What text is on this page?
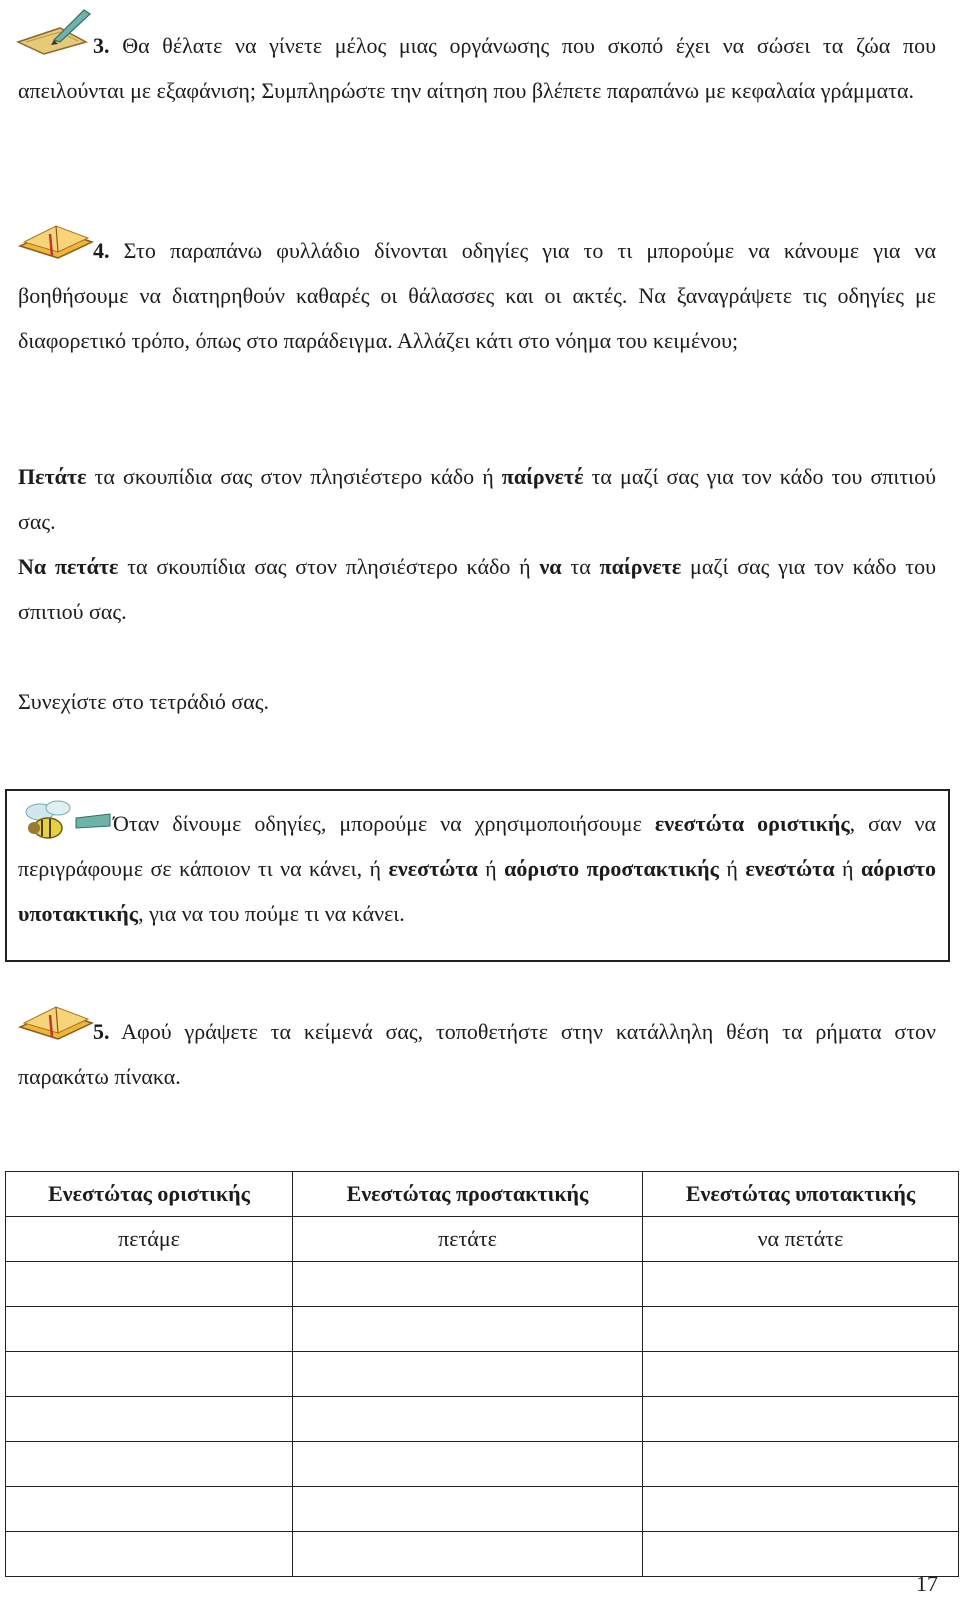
3. Θα θέλατε να γίνετε μέλος μιας οργάνωσης που σκοπό έχει να σώσει τα ζώα που απειλούνται με εξαφάνιση; Συμπληρώστε την αίτηση που βλέπετε παραπάνω με κεφαλαία γράμματα.
4. Στο παραπάνω φυλλάδιο δίνονται οδηγίες για το τι μπορούμε να κάνουμε για να βοηθήσουμε να διατηρηθούν καθαρές οι θάλασσες και οι ακτές. Να ξαναγράψετε τις οδηγίες με διαφορετικό τρόπο, όπως στο παράδειγμα. Αλλάζει κάτι στο νόημα του κειμένου;
Πετάτε τα σκουπίδια σας στον πλησιέστερο κάδο ή παίρνετέ τα μαζί σας για τον κάδο του σπιτιού σας.
Να πετάτε τα σκουπίδια σας στον πλησιέστερο κάδο ή να τα παίρνετε μαζί σας για τον κάδο του σπιτιού σας.
Συνεχίστε στο τετράδιό σας.
Όταν δίνουμε οδηγίες, μπορούμε να χρησιμοποιήσουμε ενεστώτα οριστικής, σαν να περιγράφουμε σε κάποιον τι να κάνει, ή ενεστώτα ή αόριστο προστακτικής ή ενεστώτα ή αόριστο υποτακτικής, για να του πούμε τι να κάνει.
5. Αφού γράψετε τα κείμενά σας, τοποθετήστε στην κατάλληλη θέση τα ρήματα στον παρακάτω πίνακα.
Ενεστώτας οριστικής	Ενεστώτας προστακτικής	Ενεστώτας υποτακτικής
πετάμε	πετάτε	να πετάτε

17
